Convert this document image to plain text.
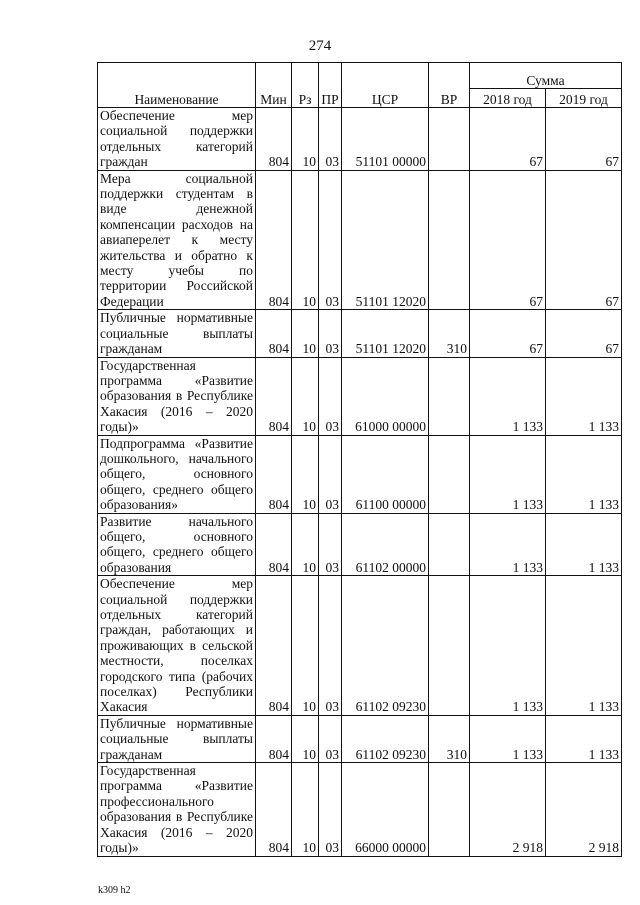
274
Наименование	Мин	Рз	ПР	ЦСР	ВР	Сумма	
						2018 год	2019 год
Обеспечение мер социальной поддержки отдельных категорий граждан	804	10	03	51101 00000		67	67
Мера социальной поддержки студентам в виде денежной компенсации расходов на авиаперелет к месту жительства и обратно к месту учебы по территории Российской Федерации	804	10	03	51101 12020		67	67
Публичные нормативные социальные выплаты гражданам	804	10	03	51101 12020	310	67	67
Государственная программа «Развитие образования в Республике Хакасия (2016 – 2020 годы)»	804	10	03	61000 00000		1 133	1 133
Подпрограмма «Развитие дошкольного, начального общего, основного общего, среднего общего образования»	804	10	03	61100 00000		1 133	1 133
Развитие начального общего, основного общего, среднего общего образования	804	10	03	61102 00000		1 133	1 133
Обеспечение мер социальной поддержки отдельных категорий граждан, работающих и проживающих в сельской местности, поселках городского типа (рабочих поселках) Республики Хакасия	804	10	03	61102 09230		1 133	1 133
Публичные нормативные социальные выплаты гражданам	804	10	03	61102 09230	310	1 133	1 133
Государственная программа «Развитие профессионального образования в Республике Хакасия (2016 – 2020 годы)»	804	10	03	66000 00000		2 918	2 918
k309 h2
